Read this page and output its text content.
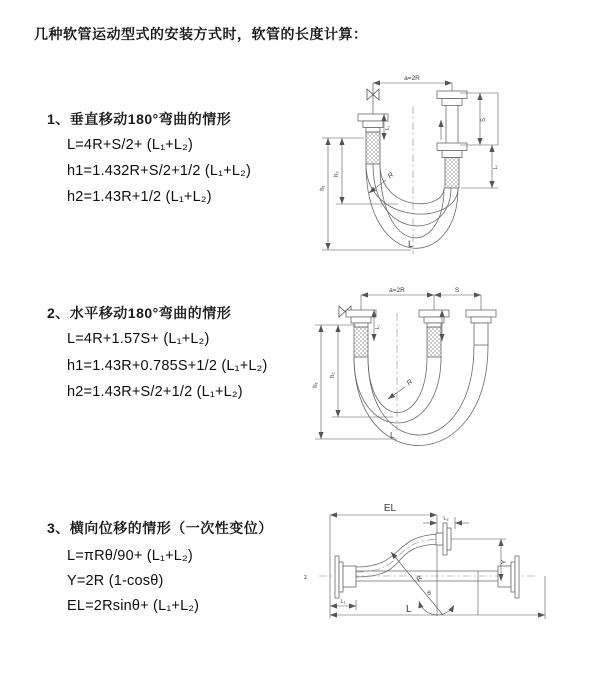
几种软管运动型式的安装方式时，软管的长度计算：
1、垂直移动180°弯曲的情形
L=4R+S/2+ (L₁+L₂)
h1=1.432R+S/2+1/2 (L₁+L₂)
h2=1.43R+1/2 (L₁+L₂)
2、水平移动180°弯曲的情形
L=4R+1.57S+ (L₁+L₂)
h1=1.43R+0.785S+1/2 (L₁+L₂)
h2=1.43R+S/2+1/2 (L₁+L₂)
3、横向位移的情形（一次性变位）
L=πRθ/90+ (L₁+L₂)
Y=2R (1-cosθ)
EL=2Rsinθ+ (L₁+L₂)
a=2R
h₁
h₂
L₁
S
L₂
R
L
a=2R	S
h₁
h₂
L₁
R
L
EL
L₂
z	R
θ
Y
L
L₁
